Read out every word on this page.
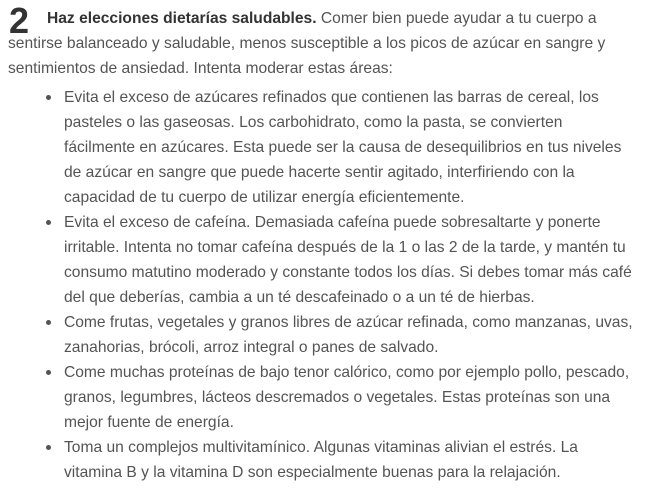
2	Haz elecciones dietarías saludables. Comer bien puede ayudar a tu cuerpo a sentirse balanceado y saludable, menos susceptible a los picos de azúcar en sangre y sentimientos de ansiedad. Intenta moderar estas áreas:

Evita el exceso de azúcares refinados que contienen las barras de cereal, los pasteles o las gaseosas. Los carbohidrato, como la pasta, se convierten fácilmente en azúcares. Esta puede ser la causa de desequilibrios en tus niveles de azúcar en sangre que puede hacerte sentir agitado, interfiriendo con la capacidad de tu cuerpo de utilizar energía eficientemente.
Evita el exceso de cafeína. Demasiada cafeína puede sobresaltarte y ponerte irritable. Intenta no tomar cafeína después de la 1 o las 2 de la tarde, y mantén tu consumo matutino moderado y constante todos los días. Si debes tomar más café del que deberías, cambia a un té descafeinado o a un té de hierbas.
Come frutas, vegetales y granos libres de azúcar refinada, como manzanas, uvas, zanahorias, brócoli, arroz integral o panes de salvado.
Come muchas proteínas de bajo tenor calórico, como por ejemplo pollo, pescado, granos, legumbres, lácteos descremados o vegetales. Estas proteínas son una mejor fuente de energía.
Toma un complejos multivitamínico. Algunas vitaminas alivian el estrés. La vitamina B y la vitamina D son especialmente buenas para la relajación.
